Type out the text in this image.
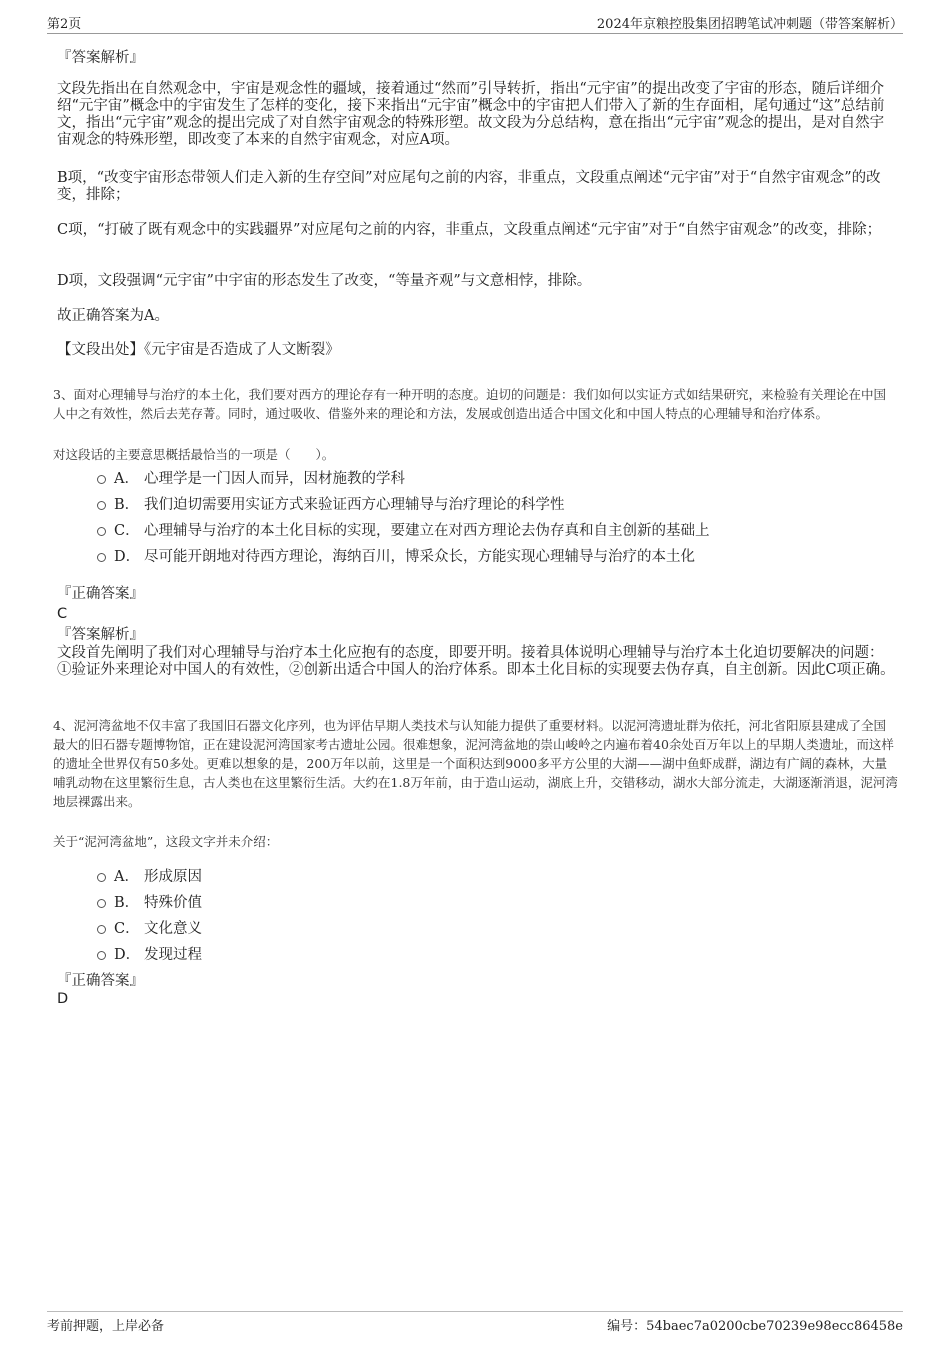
第2页	2024年京粮控股集团招聘笔试冲刺题（带答案解析）
『答案解析』

文段先指出在自然观念中，宇宙是观念性的疆域，接着通过“然而”引导转折，指出“元宇宙”的提出改变了宇宙的形态，随后详细介绍“元宇宙”概念中的宇宙发生了怎样的变化，接下来指出“元宇宙”概念中的宇宙把人们带入了新的生存面相，尾句通过“这”总结前文，指出“元宇宙”观念的提出完成了对自然宇宙观念的特殊形塑。故文段为分总结构，意在指出“元宇宙”观念的提出，是对自然宇宙观念的特殊形塑，即改变了本来的自然宇宙观念，对应A项。

B项，“改变宇宙形态带领人们走入新的生存空间”对应尾句之前的内容，非重点，文段重点阐述“元宇宙”对于“自然宇宙观念”的改变，排除；

C项，“打破了既有观念中的实践疆界”对应尾句之前的内容，非重点，文段重点阐述“元宇宙”对于“自然宇宙观念”的改变，排除；

D项，文段强调“元宇宙”中宇宙的形态发生了改变，“等量齐观”与文意相悖，排除。

故正确答案为A。
【文段出处】《元宇宙是否造成了人文断裂》
3、面对心理辅导与治疗的本土化，我们要对西方的理论存有一种开明的态度。迫切的问题是：我们如何以实证方式如结果研究，来检验有关理论在中国人中之有效性，然后去芜存菁。同时，通过吸收、借鉴外来的理论和方法，发展或创造出适合中国文化和中国人特点的心理辅导和治疗体系。
对这段话的主要意思概括最恰当的一项是（　　）。
A． 心理学是一门因人而异，因材施教的学科
B． 我们迫切需要用实证方式来验证西方心理辅导与治疗理论的科学性
C． 心理辅导与治疗的本土化目标的实现，要建立在对西方理论去伪存真和自主创新的基础上
D． 尽可能开朗地对待西方理论，海纳百川，博采众长，方能实现心理辅导与治疗的本土化
『正确答案』
C
『答案解析』
文段首先阐明了我们对心理辅导与治疗本土化应抱有的态度，即要开明。接着具体说明心理辅导与治疗本土化迫切要解决的问题：①验证外来理论对中国人的有效性，②创新出适合中国人的治疗体系。即本土化目标的实现要去伪存真，自主创新。因此C项正确。
4、泥河湾盆地不仅丰富了我国旧石器文化序列，也为评估早期人类技术与认知能力提供了重要材料。以泥河湾遗址群为依托，河北省阳原县建成了全国最大的旧石器专题博物馆，正在建设泥河湾国家考古遗址公园。很难想象，泥河湾盆地的崇山峻岭之内遍布着40余处百万年以上的早期人类遗址，而这样的遗址全世界仅有50多处。更难以想象的是，200万年以前，这里是一个面积达到9000多平方公里的大湖——湖中鱼虾成群，湖边有广阔的森林，大量哺乳动物在这里繁衍生息，古人类也在这里繁衍生活。大约在1.8万年前，由于造山运动，湖底上升，交错移动，湖水大部分流走，大湖逐渐消退，泥河湾地层裸露出来。
关于“泥河湾盆地”，这段文字并未介绍：
A． 形成原因
B． 特殊价值
C． 文化意义
D． 发现过程
『正确答案』
D
考前押题，上岸必备	编号：54baec7a0200cbe70239e98ecc86458e
